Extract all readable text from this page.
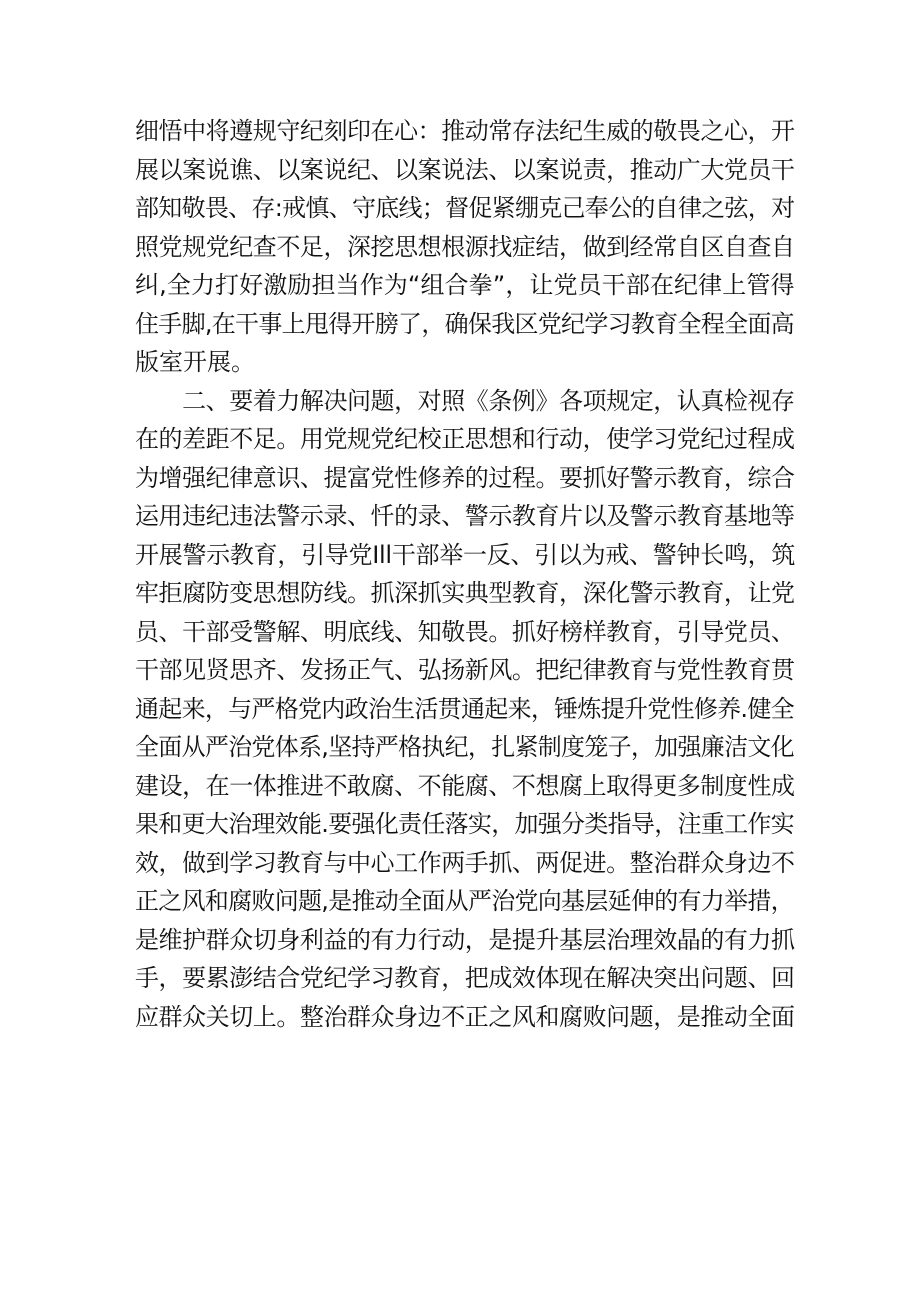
细悟中将遵规守纪刻印在心：推动常存法纪生威的敬畏之心，开
展以案说谯、以案说纪、以案说法、以案说责，推动广大党员干
部知敬畏、存:戒慎、守底线；督促紧绷克己奉公的自律之弦，对
照党规党纪查不足，深挖思想根源找症结，做到经常自区自查自
纠,全力打好激励担当作为“组合拳”，让党员干部在纪律上管得
住手脚,在干事上甩得开膀了，确保我区党纪学习教育全程全面高
版室开展。
　　二、要着力解决问题，对照《条例》各项规定，认真检视存
在的差距不足。用党规党纪校正思想和行动，使学习党纪过程成
为增强纪律意识、提富党性修养的过程。要抓好警示教育，综合
运用违纪违法警示录、忏的录、警示教育片以及警示教育基地等
开展警示教育，引导党Ill干部举一反、引以为戒、警钟长鸣，筑
牢拒腐防变思想防线。抓深抓实典型教育，深化警示教育，让党
员、干部受警解、明底线、知敬畏。抓好榜样教育，引导党员、
干部见贤思齐、发扬正气、弘扬新风。把纪律教育与党性教育贯
通起来，与严格党内政治生活贯通起来，锤炼提升党性修养.健全
全面从严治党体系,坚持严格执纪，扎紧制度笼子，加强廉洁文化
建设，在一体推进不敢腐、不能腐、不想腐上取得更多制度性成
果和更大治理效能.要强化责任落实，加强分类指导，注重工作实
效，做到学习教育与中心工作两手抓、两促进。整治群众身边不
正之风和腐败问题,是推动全面从严治党向基层延伸的有力举措，
是维护群众切身利益的有力行动，是提升基层治理效晶的有力抓
手，要累澎结合党纪学习教育，把成效体现在解决突出问题、回
应群众关切上。整治群众身边不正之风和腐败问题，是推动全面
